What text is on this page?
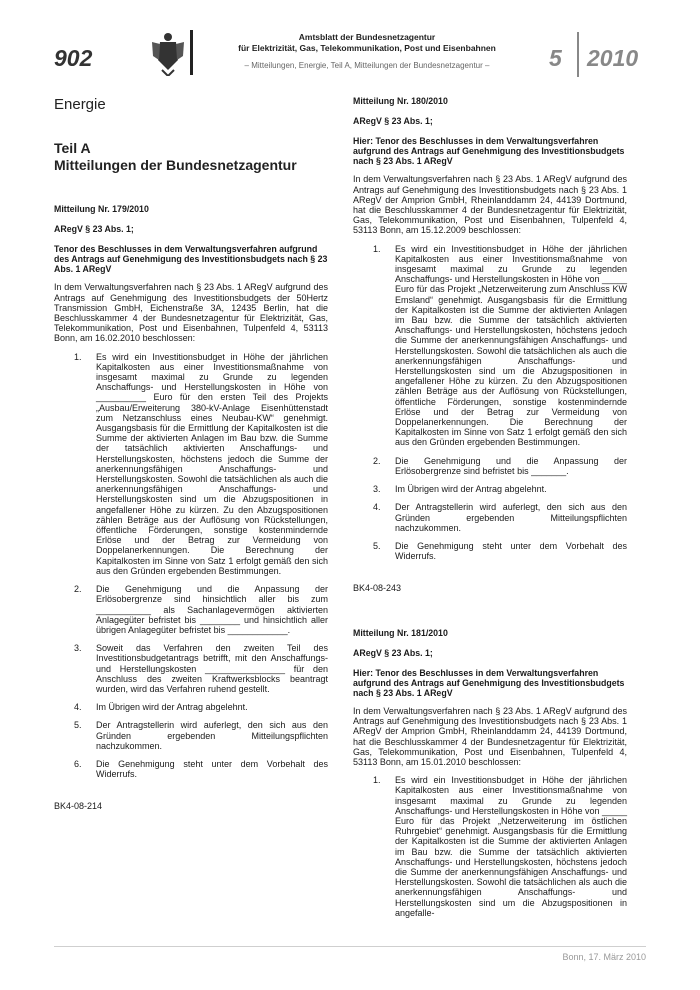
902
Amtsblatt der Bundesnetzagentur
für Elektrizität, Gas, Telekommunikation, Post und Eisenbahnen
– Mitteilungen, Energie, Teil A, Mitteilungen der Bundesnetzagentur –	5 2010
Energie
Teil A
Mitteilungen der Bundesnetzagentur
Mitteilung Nr. 179/2010
ARegV § 23 Abs. 1;
Tenor des Beschlusses in dem Verwaltungsverfahren aufgrund des Antrags auf Genehmigung des Investitionsbudgets nach § 23 Abs. 1 ARegV
In dem Verwaltungsverfahren nach § 23 Abs. 1 ARegV aufgrund des Antrags auf Genehmigung des Investitionsbudgets der 50Hertz Transmission GmbH, Eichenstraße 3A, 12435 Berlin, hat die Beschlusskammer 4 der Bundesnetzagentur für Elektrizität, Gas, Telekommunikation, Post und Eisenbahnen, Tulpenfeld 4, 53113 Bonn, am 16.02.2010 beschlossen:
1. Es wird ein Investitionsbudget in Höhe der jährlichen Kapitalkosten aus einer Investitionsmaßnahme von insgesamt maximal zu Grunde zu legenden Anschaffungs- und Herstellungskosten in Höhe von __________ Euro für den ersten Teil des Projekts „Ausbau/Erweiterung 380-kV-Anlage Eisenhüttenstadt zum Netzanschluss eines Neubau-KW“ genehmigt. Ausgangsbasis für die Ermittlung der Kapitalkosten ist die Summe der aktivierten Anlagen im Bau bzw. die Summe der tatsächlich aktivierten Anschaffungs- und Herstellungskosten, höchstens jedoch die Summe der anerkennungsfähigen Anschaffungs- und Herstellungskosten. Sowohl die tatsächlichen als auch die anerkennungsfähigen Anschaffungs- und Herstellungskosten sind um die Abzugspositionen in angefallener Höhe zu kürzen. Zu den Abzugspositionen zählen Beträge aus der Auflösung von Rückstellungen, öffentliche Förderungen, sonstige kostenmindernde Erlöse und der Betrag zur Vermeidung von Doppelanerkennungen. Die Berechnung der Kapitalkosten im Sinne von Satz 1 erfolgt gemäß den sich aus den Gründen ergebenden Bestimmungen.
2. Die Genehmigung und die Anpassung der Erlösobergrenze sind hinsichtlich aller bis zum ___________ als Sachanlagevermögen aktivierten Anlagegüter befristet bis ________ und hinsichtlich aller übrigen Anlagegüter befristet bis ____________.
3. Soweit das Verfahren den zweiten Teil des Investitionsbudgetantrags betrifft, mit den Anschaffungs- und Herstellungskosten ________________ für den Anschluss des zweiten Kraftwerksblocks beantragt wurden, wird das Verfahren ruhend gestellt.
4. Im Übrigen wird der Antrag abgelehnt.
5. Der Antragstellerin wird auferlegt, den sich aus den Gründen ergebenden Mitteilungspflichten nachzukommen.
6. Die Genehmigung steht unter dem Vorbehalt des Widerrufs.
BK4-08-214
Mitteilung Nr. 180/2010
ARegV § 23 Abs. 1;
Hier: Tenor des Beschlusses in dem Verwaltungsverfahren aufgrund des Antrags auf Genehmigung des Investitionsbudgets nach § 23 Abs. 1 ARegV
In dem Verwaltungsverfahren nach § 23 Abs. 1 ARegV aufgrund des Antrags auf Genehmigung des Investitionsbudgets nach § 23 Abs. 1 ARegV der Amprion GmbH, Rheinlanddamm 24, 44139 Dortmund, hat die Beschlusskammer 4 der Bundesnetzagentur für Elektrizität, Gas, Telekommunikation, Post und Eisenbahnen, Tulpenfeld 4, 53113 Bonn, am 15.12.2009 beschlossen:
1. Es wird ein Investitionsbudget in Höhe der jährlichen Kapitalkosten aus einer Investitionsmaßnahme von insgesamt maximal zu Grunde zu legenden Anschaffungs- und Herstellungskosten in Höhe von _____ Euro für das Projekt „Netzerweiterung zum Anschluss KW Emsland“ genehmigt. Ausgangsbasis für die Ermittlung der Kapitalkosten ist die Summe der aktivierten Anlagen im Bau bzw. die Summe der tatsächlich aktivierten Anschaffungs- und Herstellungskosten, höchstens jedoch die Summe der anerkennungsfähigen Anschaffungs- und Herstellungskosten. Sowohl die tatsächlichen als auch die anerkennungsfähigen Anschaffungs- und Herstellungskosten sind um die Abzugspositionen in angefallener Höhe zu kürzen. Zu den Abzugspositionen zählen Beträge aus der Auflösung von Rückstellungen, öffentliche Förderungen, sonstige kostenmindernde Erlöse und der Betrag zur Vermeidung von Doppelanerkennungen. Die Berechnung der Kapitalkosten im Sinne von Satz 1 erfolgt gemäß den sich aus den Gründen ergebenden Bestimmungen.
2. Die Genehmigung und die Anpassung der Erlösobergrenze sind befristet bis _______.
3. Im Übrigen wird der Antrag abgelehnt.
4. Der Antragstellerin wird auferlegt, den sich aus den Gründen ergebenden Mitteilungspflichten nachzukommen.
5. Die Genehmigung steht unter dem Vorbehalt des Widerrufs.
BK4-08-243
Mitteilung Nr. 181/2010
ARegV § 23 Abs. 1;
Hier: Tenor des Beschlusses in dem Verwaltungsverfahren aufgrund des Antrags auf Genehmigung des Investitionsbudgets nach § 23 Abs. 1 ARegV
In dem Verwaltungsverfahren nach § 23 Abs. 1 ARegV aufgrund des Antrags auf Genehmigung des Investitionsbudgets nach § 23 Abs. 1 ARegV der Amprion GmbH, Rheinlanddamm 24, 44139 Dortmund, hat die Beschlusskammer 4 der Bundesnetzagentur für Elektrizität, Gas, Telekommunikation, Post und Eisenbahnen, Tulpenfeld 4, 53113 Bonn, am 15.01.2010 beschlossen:
1. Es wird ein Investitionsbudget in Höhe der jährlichen Kapitalkosten aus einer Investitionsmaßnahme von insgesamt maximal zu Grunde zu legenden Anschaffungs- und Herstellungskosten in Höhe von _____ Euro für das Projekt „Netzerweiterung im östlichen Ruhrgebiet“ genehmigt. Ausgangsbasis für die Ermittlung der Kapitalkosten ist die Summe der aktivierten Anlagen im Bau bzw. die Summe der tatsächlich aktivierten Anschaffungs- und Herstellungskosten, höchstens jedoch die Summe der anerkennungsfähigen Anschaffungs- und Herstellungskosten. Sowohl die tatsächlichen als auch die anerkennungsfähigen Anschaffungs- und Herstellungskosten sind um die Abzugspositionen in angefalle-
Bonn, 17. März 2010
